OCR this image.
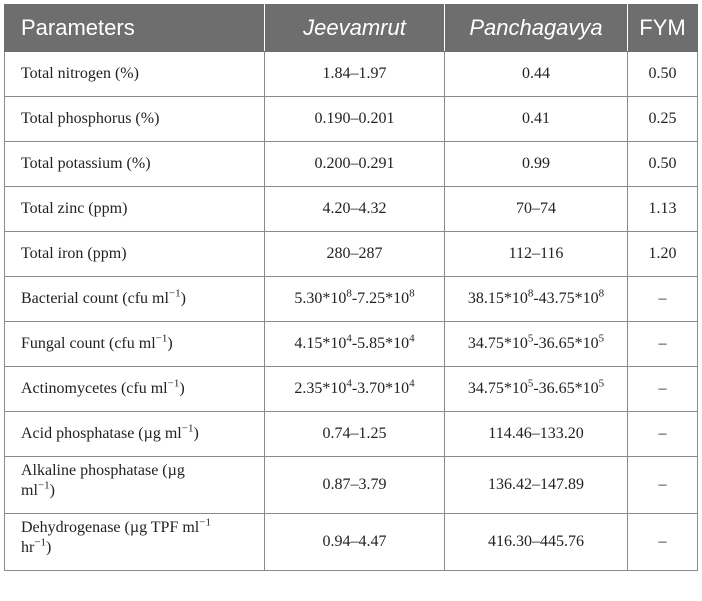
Parameters	Jeevamrut	Panchagavya	FYM
Total nitrogen (%)	1.84–1.97	0.44	0.50
Total phosphorus (%)	0.190–0.201	0.41	0.25
Total potassium (%)	0.200–0.291	0.99	0.50
Total zinc (ppm)	4.20–4.32	70–74	1.13
Total iron (ppm)	280–287	112–116	1.20
Bacterial count (cfu $ml^{-1}$)	$5.30*10^8-7.25*10^8$	$38.15*10^8-43.75*10^8$	–
Fungal count (cfu $ml^{-1}$)	$4.15*10^4-5.85*10^4$	$34.75*10^5-36.65*10^5$	–
Actinomycetes (cfu $ml^{-1}$)	$2.35*10^4-3.70*10^4$	$34.75*10^5-36.65*10^5$	–
Acid phosphatase (µg $ml^{-1}$)	0.74–1.25	114.46–133.20	–
Alkaline phosphatase (µg
$ml^{-1}$)	0.87–3.79	136.42–147.89	–
Dehydrogenase (µg TPF $ml^{-1}$
$hr^{-1}$)	0.94–4.47	416.30–445.76	–
